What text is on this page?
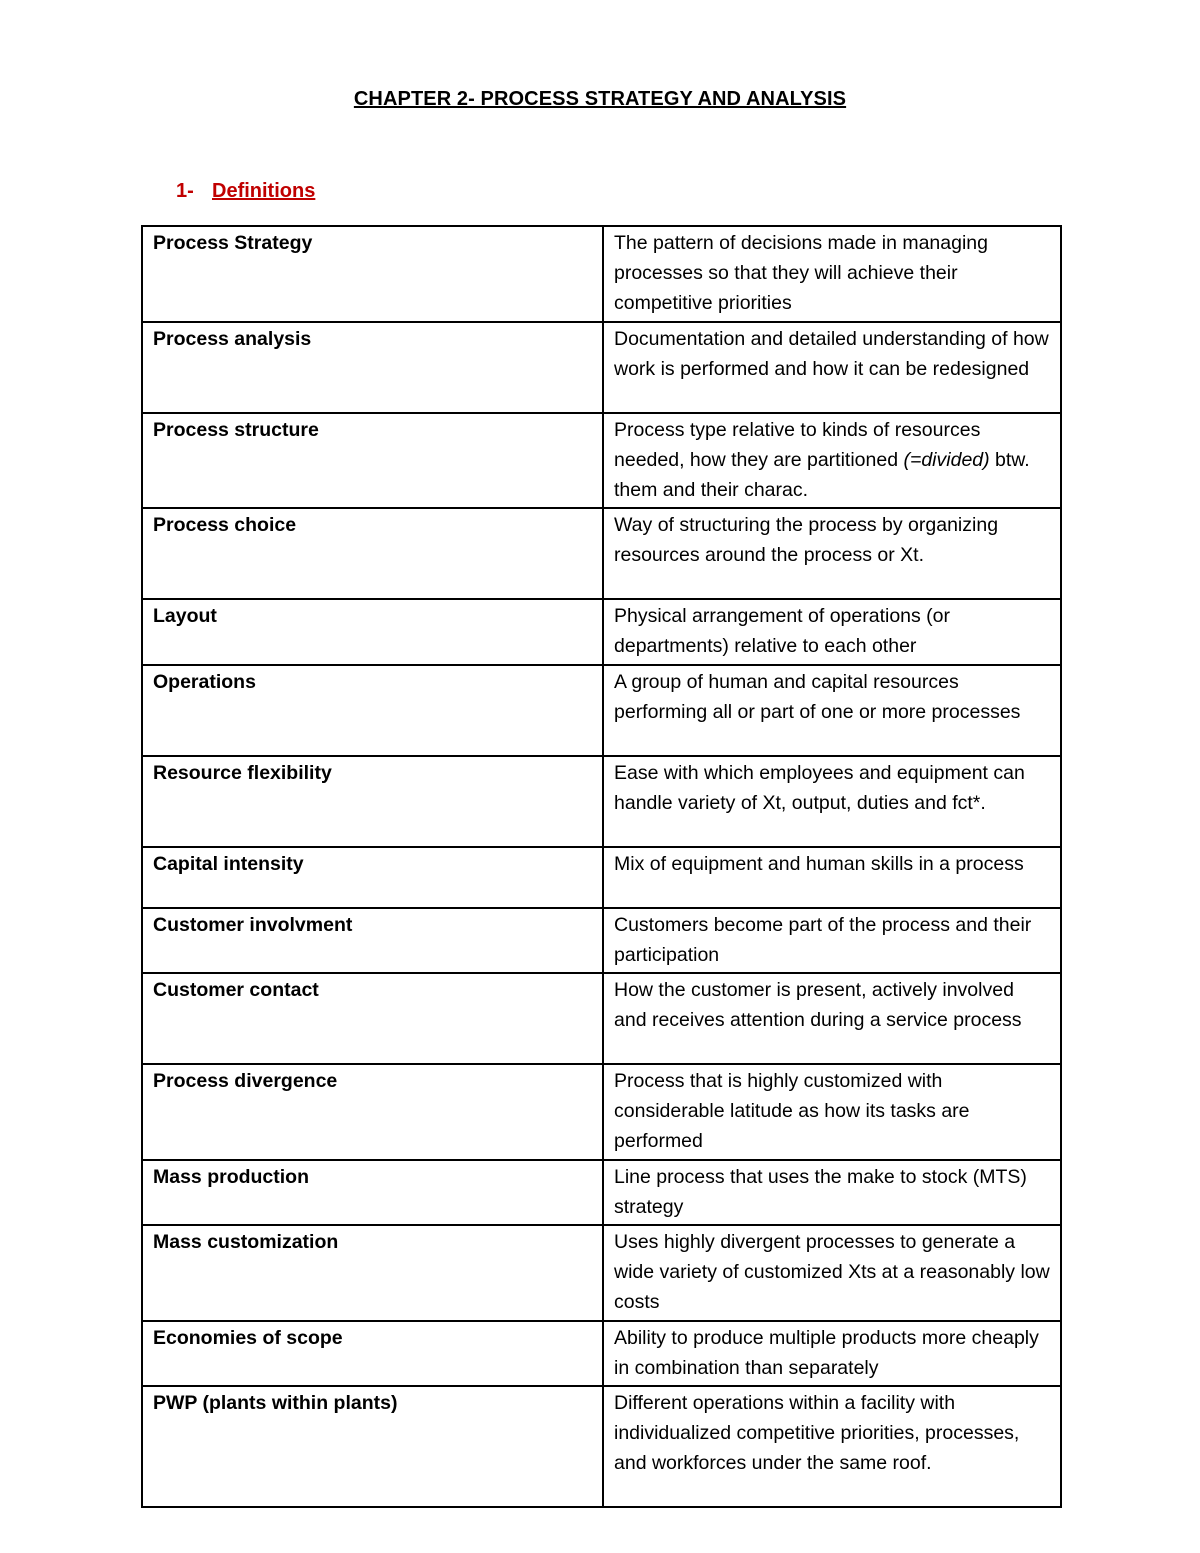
CHAPTER 2- PROCESS STRATEGY AND ANALYSIS
1- Definitions
Process Strategy	The pattern of decisions made in managing processes so that they will achieve their competitive priorities
Process analysis	Documentation and detailed understanding of how work is performed and how it can be redesigned
Process structure	Process type relative to kinds of resources needed, how they are partitioned (=divided) btw. them and their charac.
Process choice	Way of structuring the process by organizing resources around the process or Xt.
Layout	Physical arrangement of operations (or departments) relative to each other
Operations	A group of human and capital resources performing all or part of one or more processes
Resource flexibility	Ease with which employees and equipment can handle variety of Xt, output, duties and fct*.
Capital intensity	Mix of equipment and human skills in a process
Customer involvment	Customers become part of the process and their participation
Customer contact	How the customer is present, actively involved and receives attention during a service process
Process divergence	Process that is highly customized with considerable latitude as how its tasks are performed
Mass production	Line process that uses the make to stock (MTS) strategy
Mass customization	Uses highly divergent processes to generate a wide variety of customized Xts at a reasonably low costs
Economies of scope	Ability to produce multiple products more cheaply in combination than separately
PWP (plants within plants)	Different operations within a facility with individualized competitive priorities, processes, and workforces under the same roof.
